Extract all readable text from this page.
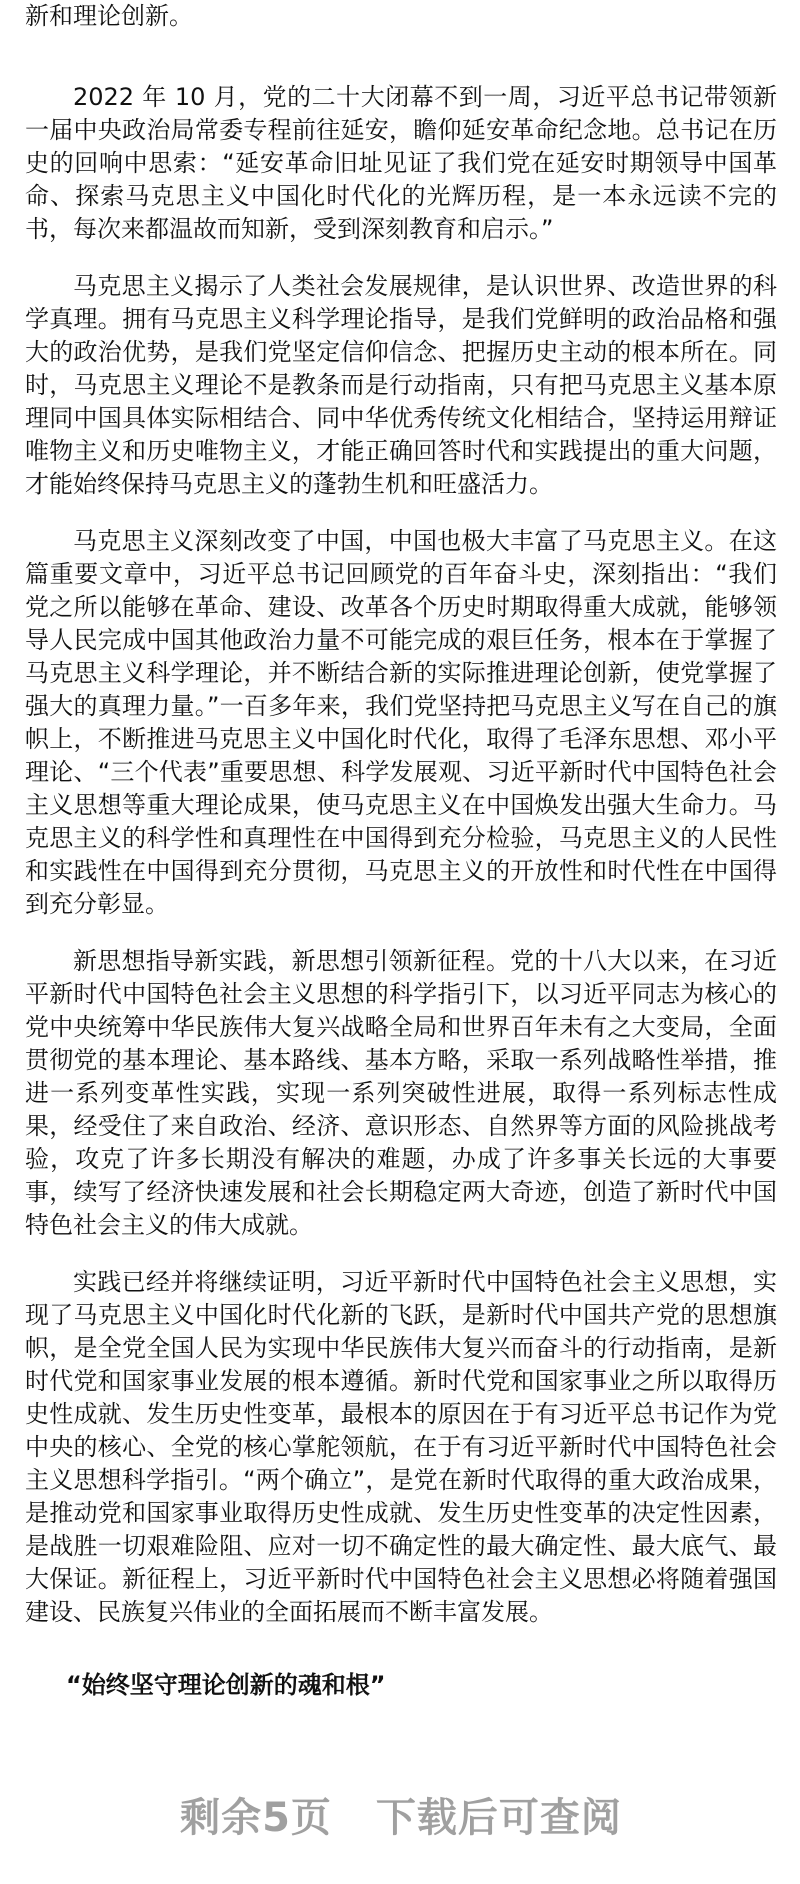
新和理论创新。

2022 年 10 月，党的二十大闭幕不到一周，习近平总书记带领新一届中央政治局常委专程前往延安，瞻仰延安革命纪念地。总书记在历史的回响中思索：“延安革命旧址见证了我们党在延安时期领导中国革命、探索马克思主义中国化时代化的光辉历程，是一本永远读不完的书，每次来都温故而知新，受到深刻教育和启示。”

马克思主义揭示了人类社会发展规律，是认识世界、改造世界的科学真理。拥有马克思主义科学理论指导，是我们党鲜明的政治品格和强大的政治优势，是我们党坚定信仰信念、把握历史主动的根本所在。同时，马克思主义理论不是教条而是行动指南，只有把马克思主义基本原理同中国具体实际相结合、同中华优秀传统文化相结合，坚持运用辩证唯物主义和历史唯物主义，才能正确回答时代和实践提出的重大问题，才能始终保持马克思主义的蓬勃生机和旺盛活力。

马克思主义深刻改变了中国，中国也极大丰富了马克思主义。在这篇重要文章中，习近平总书记回顾党的百年奋斗史，深刻指出：“我们党之所以能够在革命、建设、改革各个历史时期取得重大成就，能够领导人民完成中国其他政治力量不可能完成的艰巨任务，根本在于掌握了马克思主义科学理论，并不断结合新的实际推进理论创新，使党掌握了强大的真理力量。”一百多年来，我们党坚持把马克思主义写在自己的旗帜上，不断推进马克思主义中国化时代化，取得了毛泽东思想、邓小平理论、“三个代表”重要思想、科学发展观、习近平新时代中国特色社会主义思想等重大理论成果，使马克思主义在中国焕发出强大生命力。马克思主义的科学性和真理性在中国得到充分检验，马克思主义的人民性和实践性在中国得到充分贯彻，马克思主义的开放性和时代性在中国得到充分彰显。

新思想指导新实践，新思想引领新征程。党的十八大以来，在习近平新时代中国特色社会主义思想的科学指引下，以习近平同志为核心的党中央统筹中华民族伟大复兴战略全局和世界百年未有之大变局，全面贯彻党的基本理论、基本路线、基本方略，采取一系列战略性举措，推进一系列变革性实践，实现一系列突破性进展，取得一系列标志性成果，经受住了来自政治、经济、意识形态、自然界等方面的风险挑战考验，攻克了许多长期没有解决的难题，办成了许多事关长远的大事要事，续写了经济快速发展和社会长期稳定两大奇迹，创造了新时代中国特色社会主义的伟大成就。

实践已经并将继续证明，习近平新时代中国特色社会主义思想，实现了马克思主义中国化时代化新的飞跃，是新时代中国共产党的思想旗帜，是全党全国人民为实现中华民族伟大复兴而奋斗的行动指南，是新时代党和国家事业发展的根本遵循。新时代党和国家事业之所以取得历史性成就、发生历史性变革，最根本的原因在于有习近平总书记作为党中央的核心、全党的核心掌舵领航，在于有习近平新时代中国特色社会主义思想科学指引。“两个确立”，是党在新时代取得的重大政治成果，是推动党和国家事业取得历史性成就、发生历史性变革的决定性因素，是战胜一切艰难险阻、应对一切不确定性的最大确定性、最大底气、最大保证。新征程上，习近平新时代中国特色社会主义思想必将随着强国建设、民族复兴伟业的全面拓展而不断丰富发展。

“始终坚守理论创新的魂和根”
剩余5页 下载后可查阅
